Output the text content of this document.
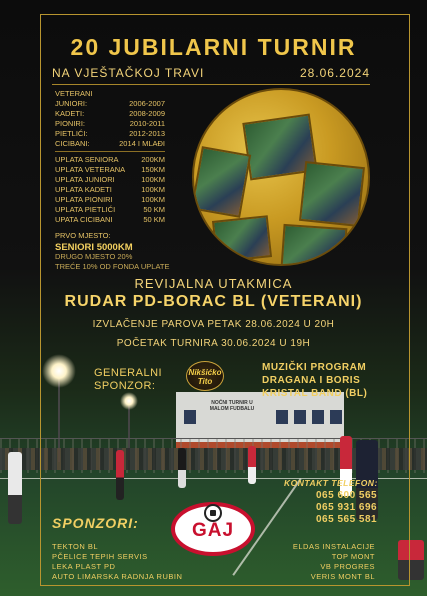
NOĆNI TURNIR U MALOM FUDBALU
20 JUBILARNI TURNIR
NA VJEŠTAČKOJ TRAVI	28.06.2024
VETERANI
JUNIORI:	2006-2007
KADETI:	2008-2009
PIONIRI:	2010-2011
PIETLIĆI:	2012-2013
CICIBANI:	2014 I MLAĐI
UPLATA SENIORA	200KM
UPLATA VETERANA 150KM
UPLATA JUNIORI	100KM
UPLATA KADETI	100KM
UPLATA PIONIRI	100KM
UPLATA PIETLIĆI	50 KM
UPATA CICIBANI	50 KM
PRVO MJESTO:
SENIORI 5000KM
DRUGO MJESTO 20%
TREĆE 10% OD FONDA UPLATE
REVIJALNA UTAKMICA
RUDAR PD-BORAC BL (VETERANI)
IZVLAČENJE PAROVA PETAK 28.06.2024 U 20H
POČETAK TURNIRA 30.06.2024 U 19H
GENERALNI
SPONZOR:
Nikšićko
Tito
MUZIČKI PROGRAM
DRAGANA I BORIS
KRISTAL BAND (BL)
KONTAKT TELEFON:
065 600 565
065 931 696
065 565 581
SPONZORI:	GAJ
TEKTON BL
PČELICE TEPIH SERVIS
LEKA PLAST PD
AUTO LIMARSKA RADNJA RUBIN
ELDAS INSTALACIJE
TOP MONT
VB PROGRES
VERIS MONT BL
